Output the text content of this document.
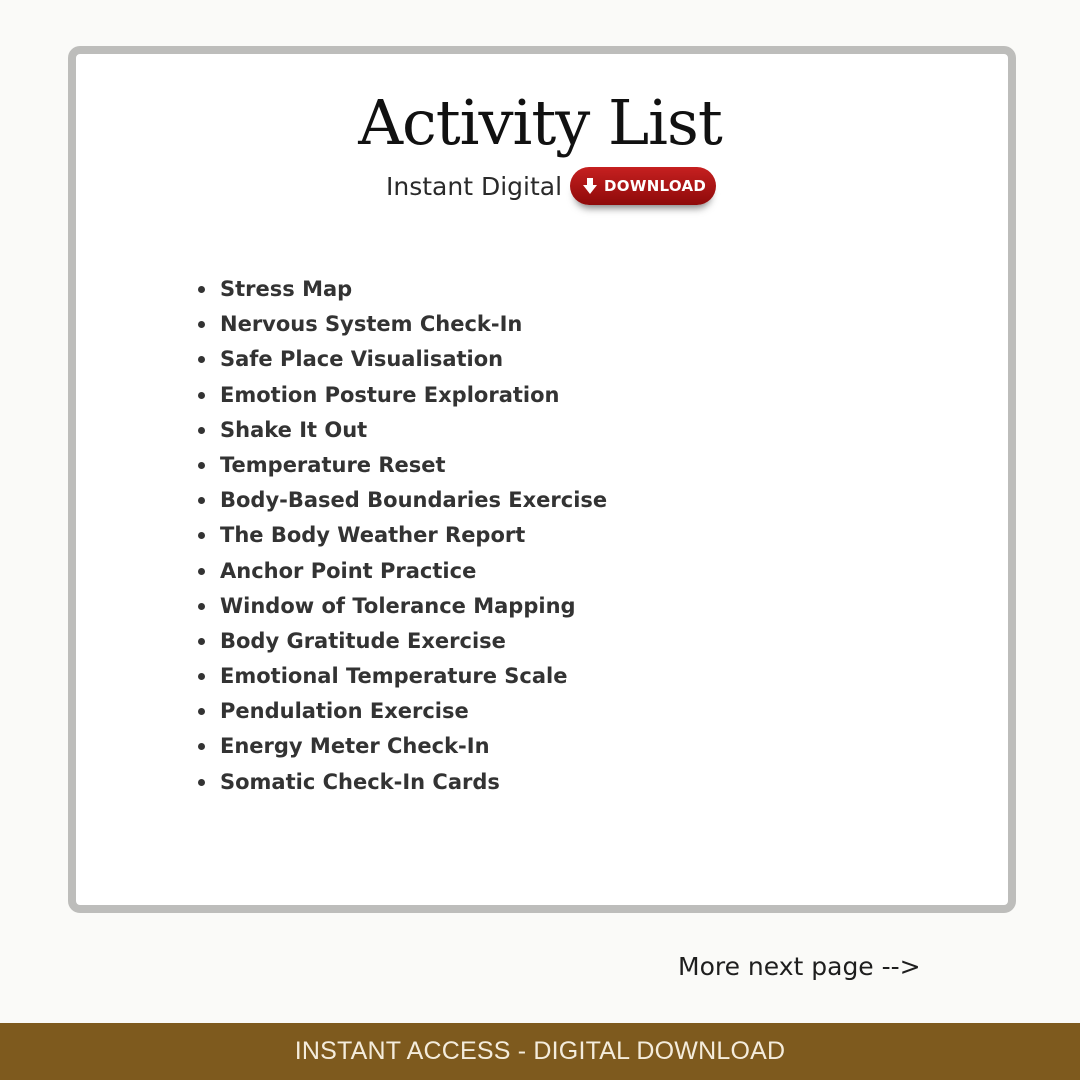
Activity List
Instant Digital	DOWNLOAD
Stress Map
Nervous System Check-In
Safe Place Visualisation
Emotion Posture Exploration
Shake It Out
Temperature Reset
Body-Based Boundaries Exercise
The Body Weather Report
Anchor Point Practice
Window of Tolerance Mapping
Body Gratitude Exercise
Emotional Temperature Scale
Pendulation Exercise
Energy Meter Check-In
Somatic Check-In Cards
More next page -->
INSTANT ACCESS - DIGITAL DOWNLOAD
